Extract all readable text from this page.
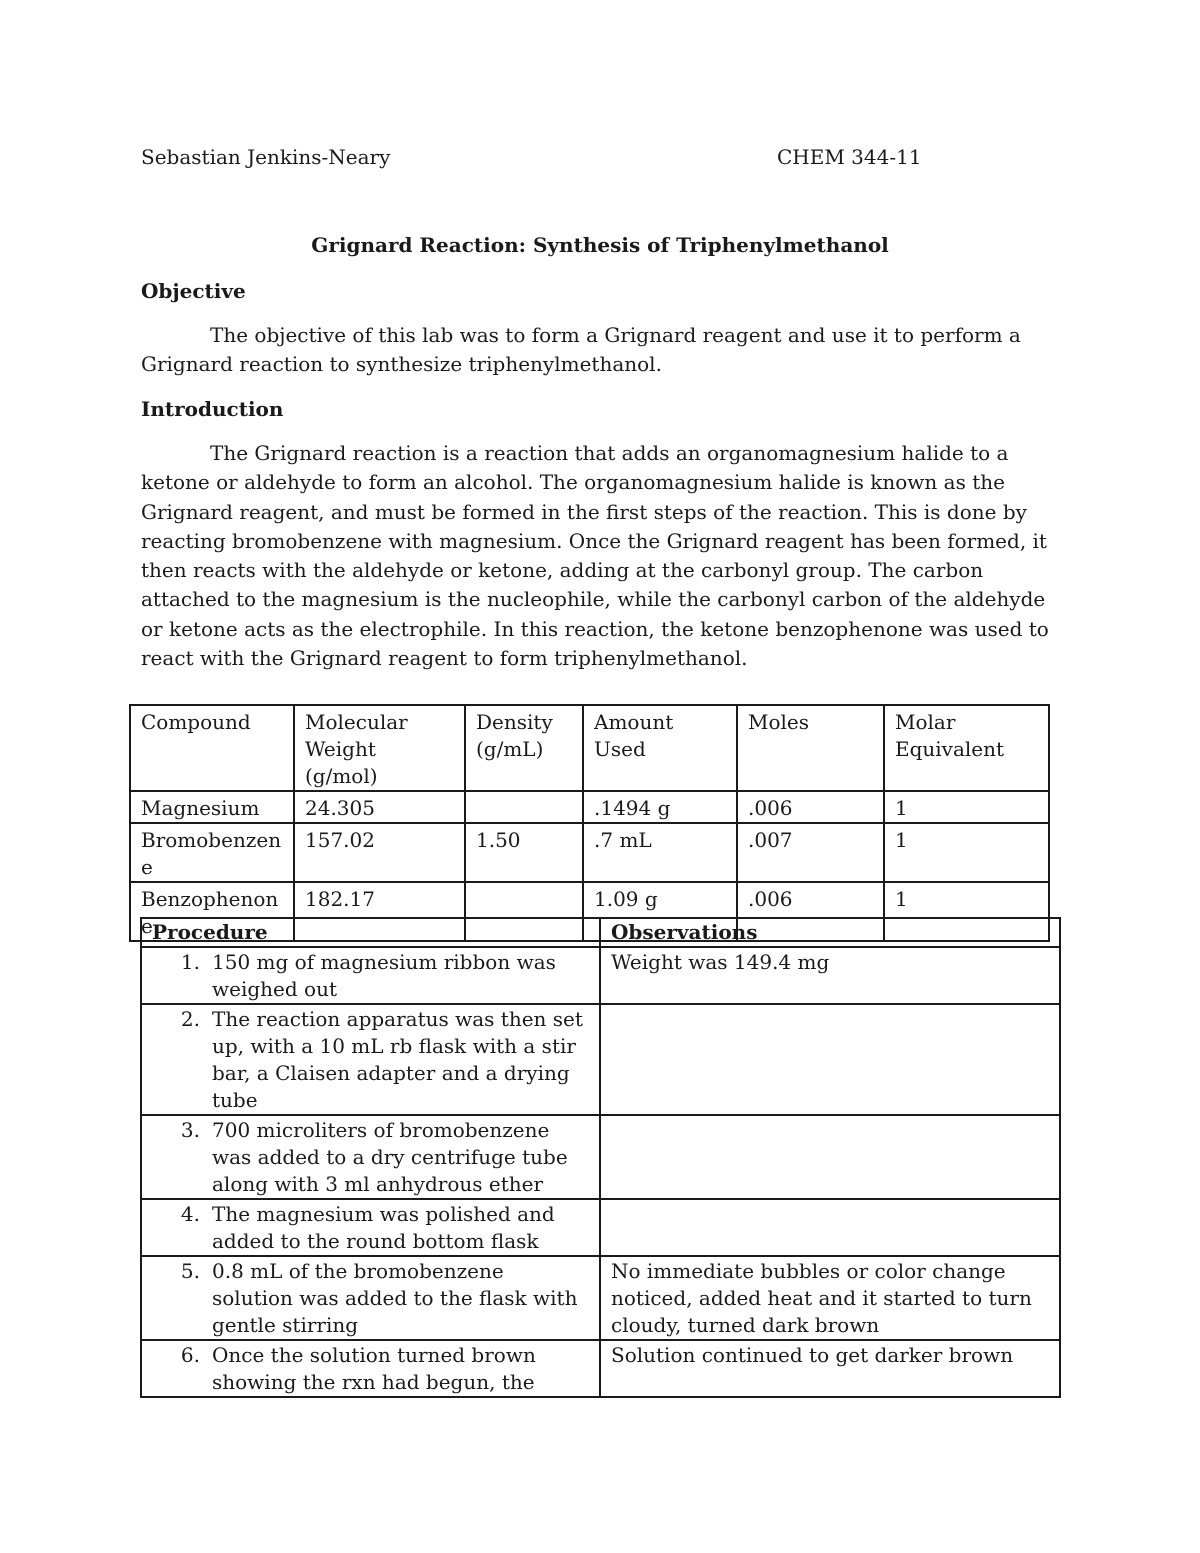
Sebastian Jenkins-Neary	CHEM 344-11
Grignard Reaction: Synthesis of Triphenylmethanol
Objective

The objective of this lab was to form a Grignard reagent and use it to perform a Grignard reaction to synthesize triphenylmethanol.

Introduction

The Grignard reaction is a reaction that adds an organomagnesium halide to a ketone or aldehyde to form an alcohol. The organomagnesium halide is known as the Grignard reagent, and must be formed in the first steps of the reaction. This is done by reacting bromobenzene with magnesium. Once the Grignard reagent has been formed, it then reacts with the aldehyde or ketone, adding at the carbonyl group. The carbon attached to the magnesium is the nucleophile, while the carbonyl carbon of the aldehyde or ketone acts as the electrophile. In this reaction, the ketone benzophenone was used to react with the Grignard reagent to form triphenylmethanol.

Compound	Molecular Weight (g/mol)	Density (g/mL)	Amount Used	Moles	Molar Equivalent
Magnesium	24.305		.1494 g	.006	1
Bromobenzene	157.02	1.50	.7 mL	.007	1
Benzophenone	182.17		1.09 g	.006	1
Procedure	Observations

1. 150 mg of magnesium ribbon was weighed out	Weight was 149.4 mg

2. The reaction apparatus was then set up, with a 10 mL rb flask with a stir bar, a Claisen adapter and a drying tube	

3. 700 microliters of bromobenzene was added to a dry centrifuge tube along with 3 ml anhydrous ether	

4. The magnesium was polished and added to the round bottom flask	

5. 0.8 mL of the bromobenzene solution was added to the flask with gentle stirring	No immediate bubbles or color change noticed, added heat and it started to turn cloudy, turned dark brown

6. Once the solution turned brown showing the rxn had begun, the	Solution continued to get darker brown
